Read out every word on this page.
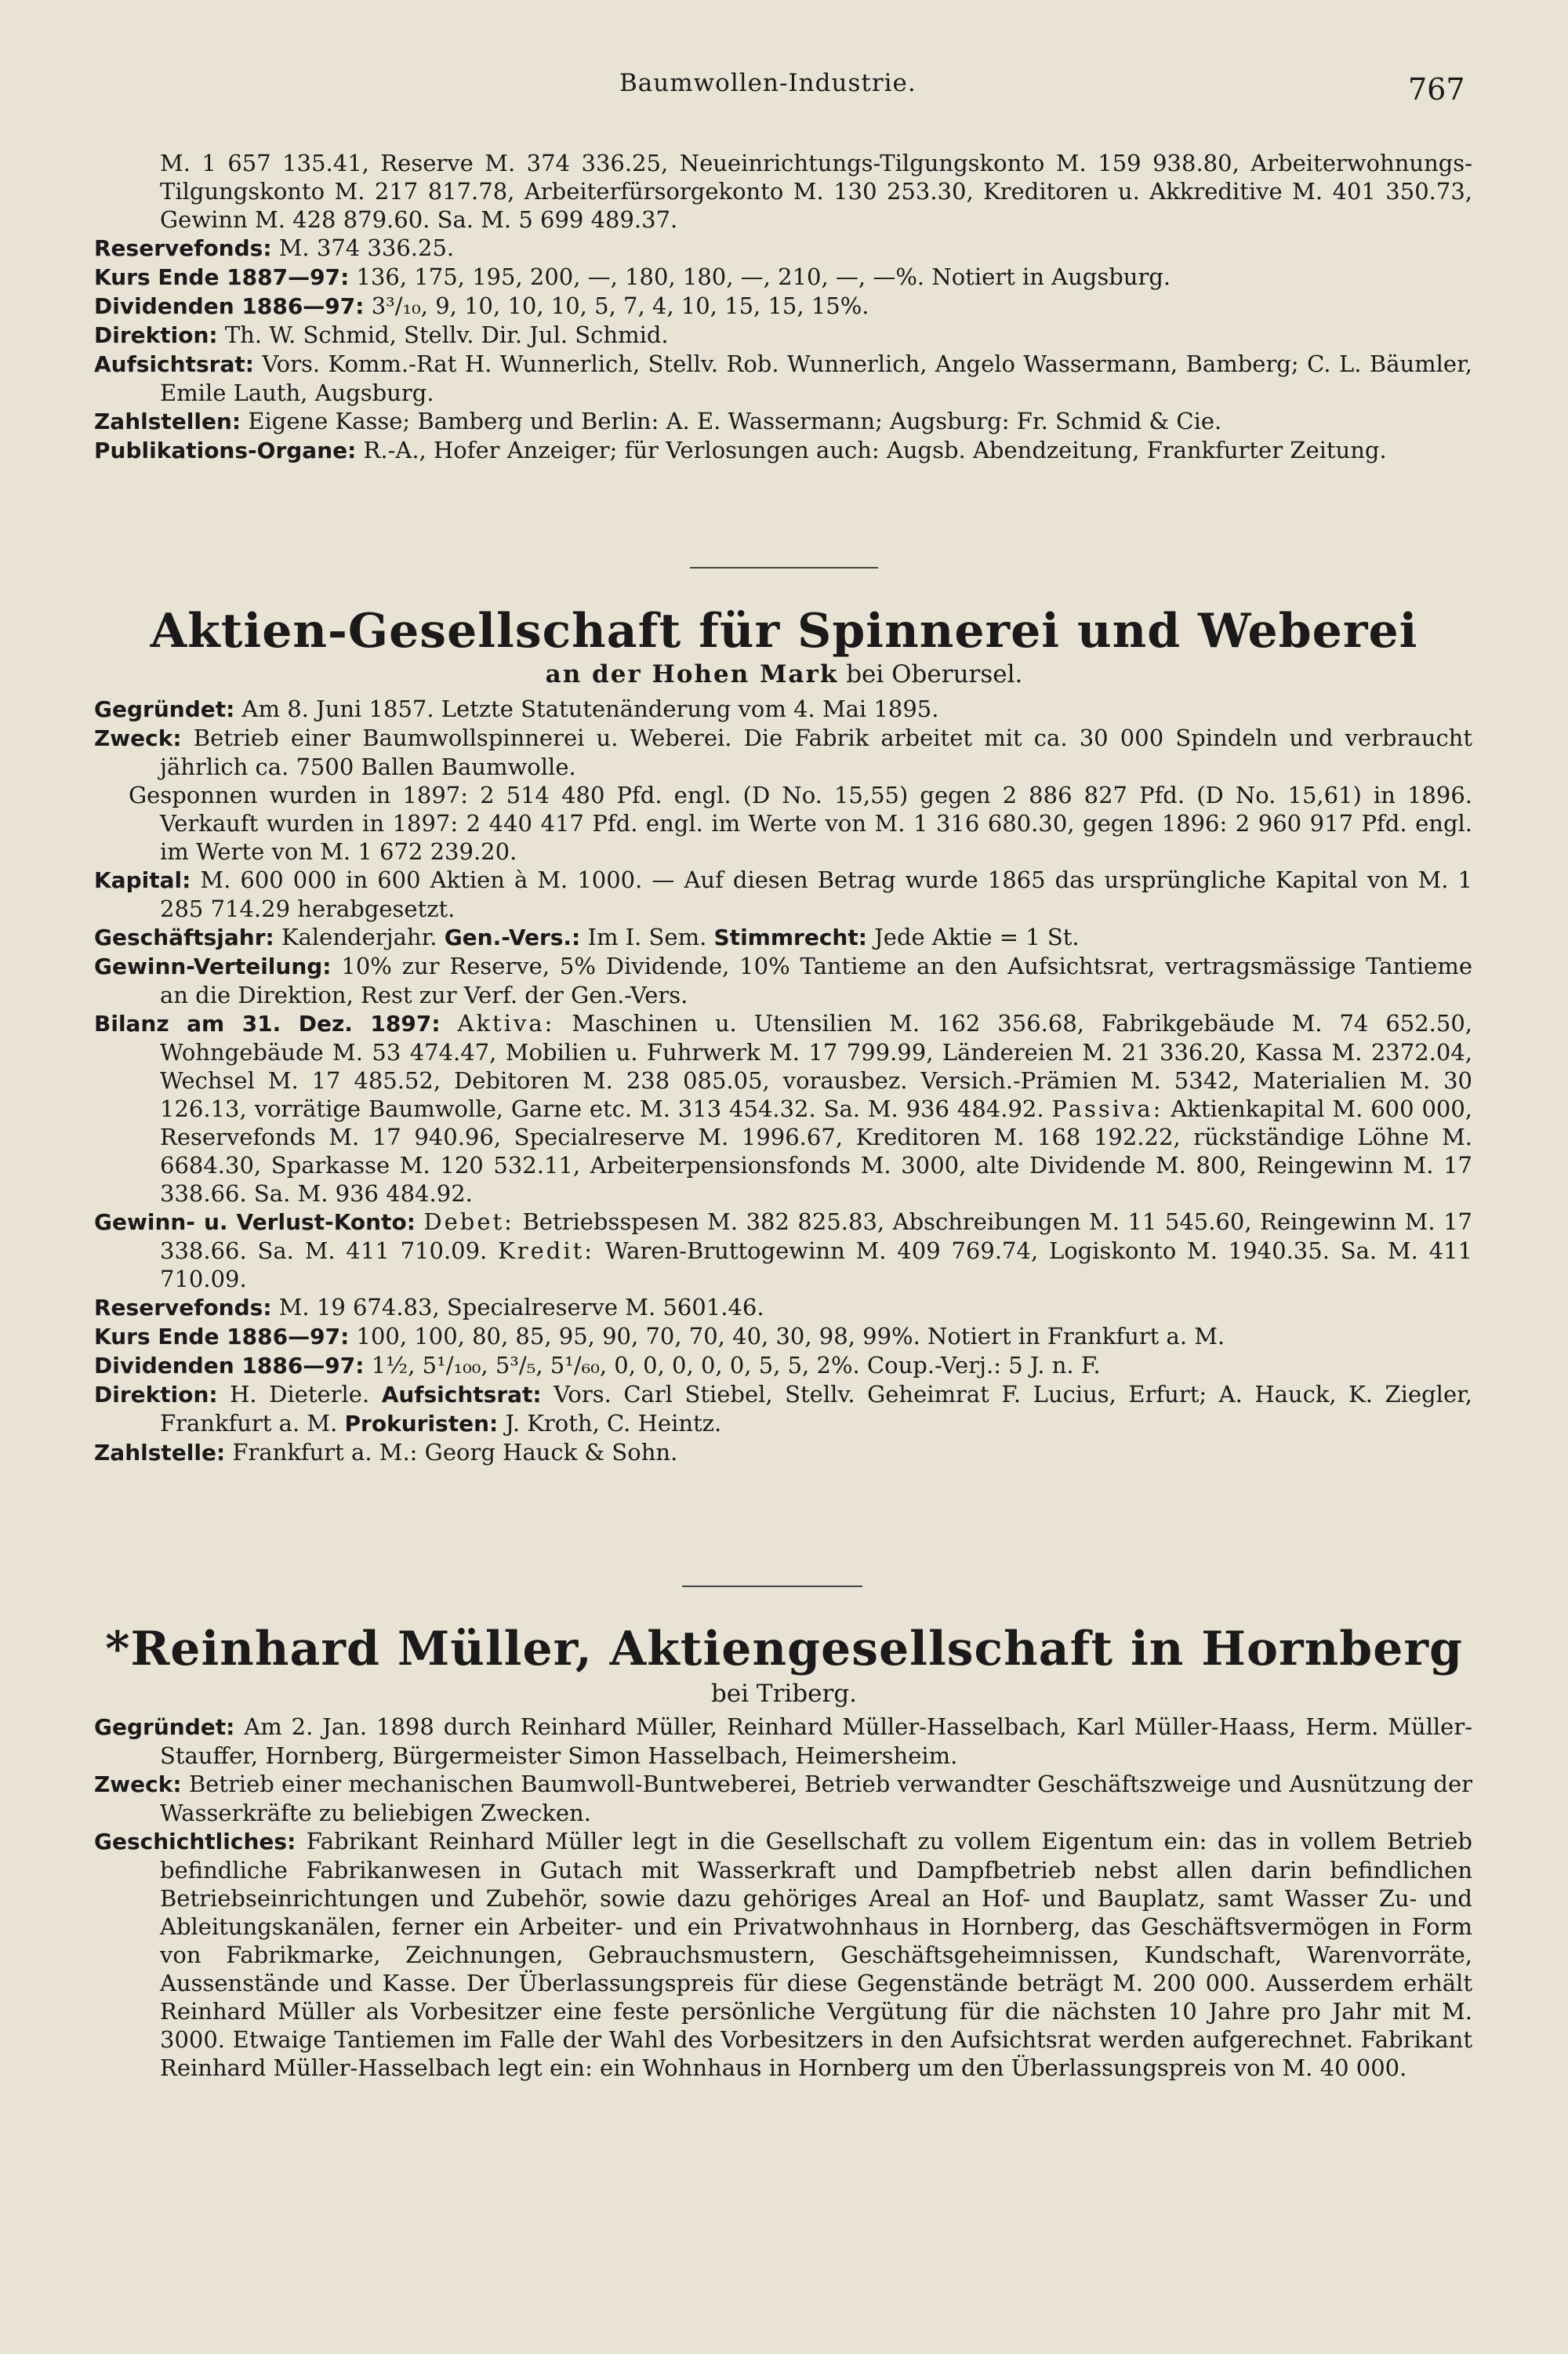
Baumwollen-Industrie.	767

M. 1 657 135.41, Reserve M. 374 336.25, Neueinrichtungs-Tilgungskonto M. 159 938.80, Arbeiterwohnungs-Tilgungskonto M. 217 817.78, Arbeiterfürsorgekonto M. 130 253.30, Kreditoren u. Akkreditive M. 401 350.73, Gewinn M. 428 879.60. Sa. M. 5 699 489.37.

Reservefonds: M. 374 336.25.

Kurs Ende 1887—97: 136, 175, 195, 200, —, 180, 180, —, 210, —, —%. Notiert in Augsburg.

Dividenden 1886—97: 3³/₁₀, 9, 10, 10, 10, 5, 7, 4, 10, 15, 15, 15%.

Direktion: Th. W. Schmid, Stellv. Dir. Jul. Schmid.

Aufsichtsrat: Vors. Komm.-Rat H. Wunnerlich, Stellv. Rob. Wunnerlich, Angelo Wassermann, Bamberg; C. L. Bäumler, Emile Lauth, Augsburg.

Zahlstellen: Eigene Kasse; Bamberg und Berlin: A. E. Wassermann; Augsburg: Fr. Schmid & Cie.

Publikations-Organe: R.-A., Hofer Anzeiger; für Verlosungen auch: Augsb. Abendzeitung, Frankfurter Zeitung.

Aktien-Gesellschaft für Spinnerei und Weberei
an der Hohen Mark bei Oberursel.

Gegründet: Am 8. Juni 1857. Letzte Statutenänderung vom 4. Mai 1895.

Zweck: Betrieb einer Baumwollspinnerei u. Weberei. Die Fabrik arbeitet mit ca. 30 000 Spindeln und verbraucht jährlich ca. 7500 Ballen Baumwolle.

Gesponnen wurden in 1897: 2 514 480 Pfd. engl. (D No. 15,55) gegen 2 886 827 Pfd. (D No. 15,61) in 1896. Verkauft wurden in 1897: 2 440 417 Pfd. engl. im Werte von M. 1 316 680.30, gegen 1896: 2 960 917 Pfd. engl. im Werte von M. 1 672 239.20.

Kapital: M. 600 000 in 600 Aktien à M. 1000. — Auf diesen Betrag wurde 1865 das ursprüngliche Kapital von M. 1 285 714.29 herabgesetzt.

Geschäftsjahr: Kalenderjahr. Gen.-Vers.: Im I. Sem. Stimmrecht: Jede Aktie = 1 St.

Gewinn-Verteilung: 10% zur Reserve, 5% Dividende, 10% Tantieme an den Aufsichtsrat, vertragsmässige Tantieme an die Direktion, Rest zur Verf. der Gen.-Vers.

Bilanz am 31. Dez. 1897: Aktiva: Maschinen u. Utensilien M. 162 356.68, Fabrikgebäude M. 74 652.50, Wohngebäude M. 53 474.47, Mobilien u. Fuhrwerk M. 17 799.99, Ländereien M. 21 336.20, Kassa M. 2372.04, Wechsel M. 17 485.52, Debitoren M. 238 085.05, vorausbez. Versich.-Prämien M. 5342, Materialien M. 30 126.13, vorrätige Baumwolle, Garne etc. M. 313 454.32. Sa. M. 936 484.92. Passiva: Aktienkapital M. 600 000, Reservefonds M. 17 940.96, Specialreserve M. 1996.67, Kreditoren M. 168 192.22, rückständige Löhne M. 6684.30, Sparkasse M. 120 532.11, Arbeiterpensionsfonds M. 3000, alte Dividende M. 800, Reingewinn M. 17 338.66. Sa. M. 936 484.92.

Gewinn- u. Verlust-Konto: Debet: Betriebsspesen M. 382 825.83, Abschreibungen M. 11 545.60, Reingewinn M. 17 338.66. Sa. M. 411 710.09. Kredit: Waren-Bruttogewinn M. 409 769.74, Logiskonto M. 1940.35. Sa. M. 411 710.09.

Reservefonds: M. 19 674.83, Specialreserve M. 5601.46.

Kurs Ende 1886—97: 100, 100, 80, 85, 95, 90, 70, 70, 40, 30, 98, 99%. Notiert in Frankfurt a. M.

Dividenden 1886—97: 1½, 5¹/₁₀₀, 5³/₅, 5¹/₆₀, 0, 0, 0, 0, 0, 5, 5, 2%. Coup.-Verj.: 5 J. n. F.

Direktion: H. Dieterle. Aufsichtsrat: Vors. Carl Stiebel, Stellv. Geheimrat F. Lucius, Erfurt; A. Hauck, K. Ziegler, Frankfurt a. M. Prokuristen: J. Kroth, C. Heintz.

Zahlstelle: Frankfurt a. M.: Georg Hauck & Sohn.

*Reinhard Müller, Aktiengesellschaft in Hornberg
bei Triberg.

Gegründet: Am 2. Jan. 1898 durch Reinhard Müller, Reinhard Müller-Hasselbach, Karl Müller-Haass, Herm. Müller-Stauffer, Hornberg, Bürgermeister Simon Hasselbach, Heimersheim.

Zweck: Betrieb einer mechanischen Baumwoll-Buntweberei, Betrieb verwandter Geschäftszweige und Ausnützung der Wasserkräfte zu beliebigen Zwecken.

Geschichtliches: Fabrikant Reinhard Müller legt in die Gesellschaft zu vollem Eigentum ein: das in vollem Betrieb befindliche Fabrikanwesen in Gutach mit Wasserkraft und Dampfbetrieb nebst allen darin befindlichen Betriebseinrichtungen und Zubehör, sowie dazu gehöriges Areal an Hof- und Bauplatz, samt Wasser Zu- und Ableitungskanälen, ferner ein Arbeiter- und ein Privatwohnhaus in Hornberg, das Geschäftsvermögen in Form von Fabrikmarke, Zeichnungen, Gebrauchsmustern, Geschäftsgeheimnissen, Kundschaft, Warenvorräte, Aussenstände und Kasse. Der Überlassungspreis für diese Gegenstände beträgt M. 200 000. Ausserdem erhält Reinhard Müller als Vorbesitzer eine feste persönliche Vergütung für die nächsten 10 Jahre pro Jahr mit M. 3000. Etwaige Tantiemen im Falle der Wahl des Vorbesitzers in den Aufsichtsrat werden aufgerechnet. Fabrikant Reinhard Müller-Hasselbach legt ein: ein Wohnhaus in Hornberg um den Überlassungspreis von M. 40 000.
